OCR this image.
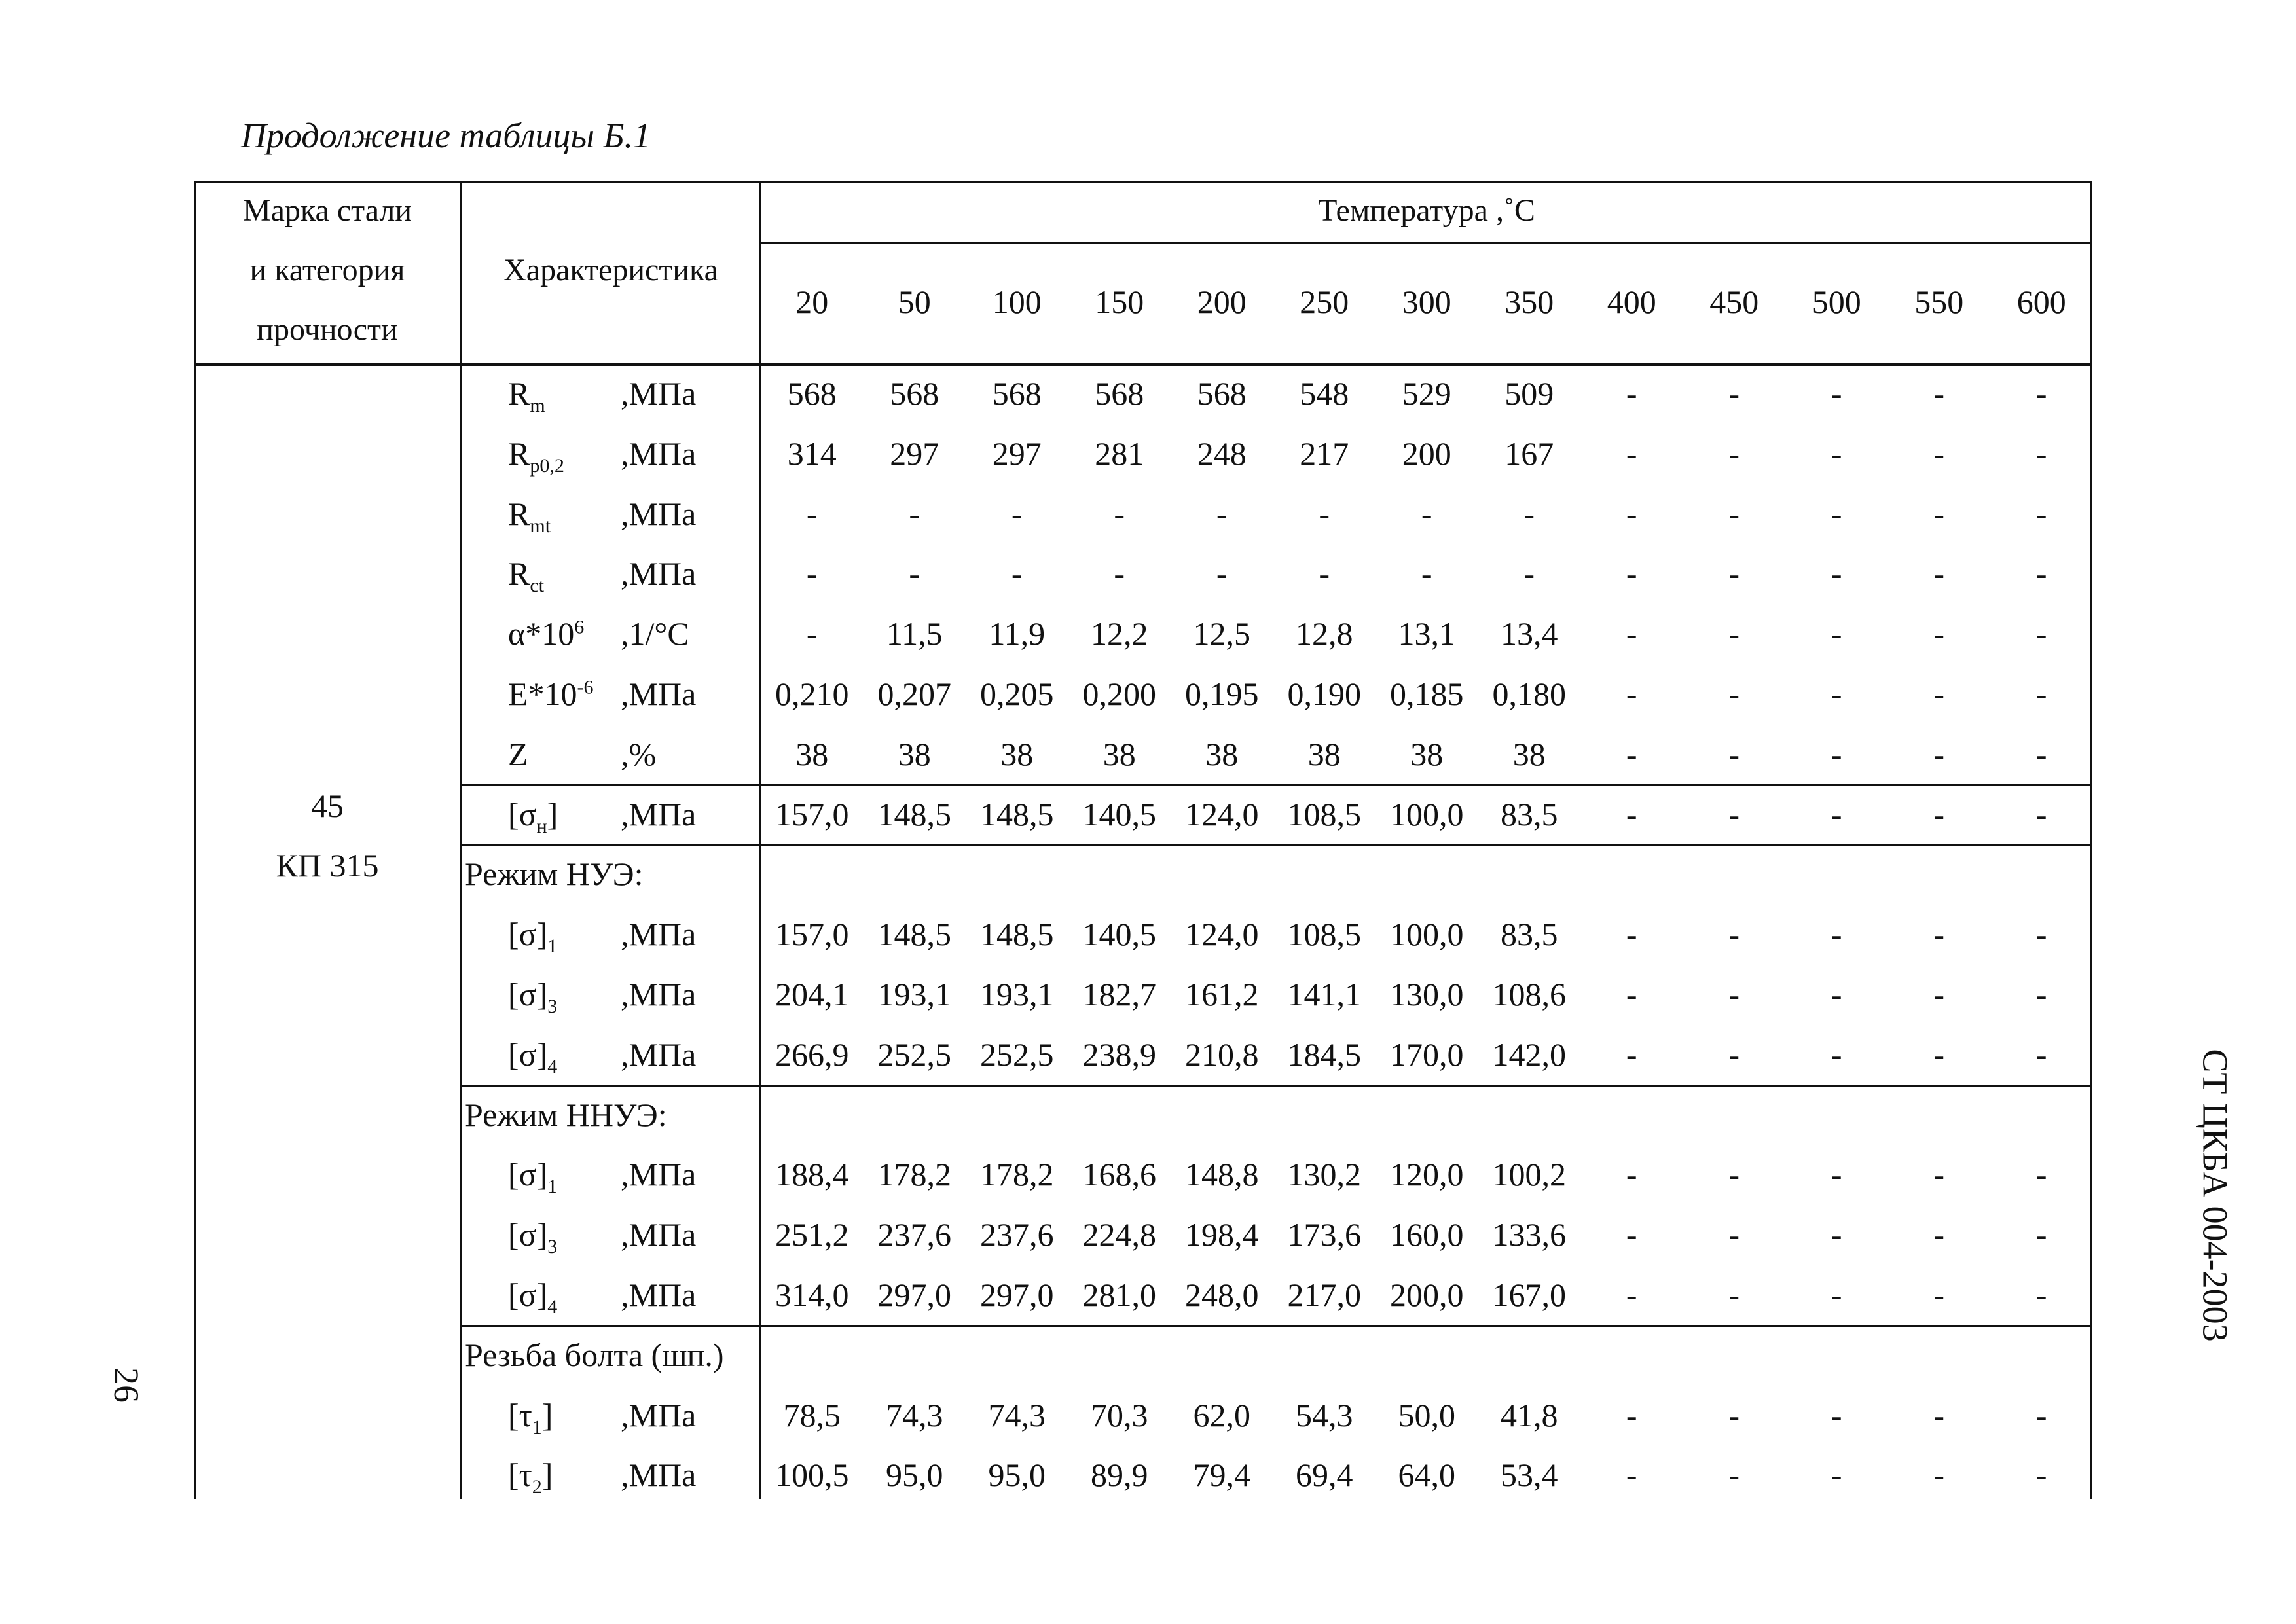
Продолжение таблицы Б.1
Марка стали
и категория
прочности
Характеристика
Температура ,˚С
20	50	100	150	200	250	300	350	400	450	500	550	600
45
КП 315
$R_m$ ,МПа	568	568	568	568	568	548	529	509	-	-	-	-	-
$R_{p0,2}$ ,МПа	314	297	297	281	248	217	200	167	-	-	-	-	-
$R_{mt}$ ,МПа	-	-	-	-	-	-	-	-	-	-	-	-	-
$R_{ct}$ ,МПа	-	-	-	-	-	-	-	-	-	-	-	-	-
$\alpha*10^6$ ,1/°C	-	11,5	11,9	12,2	12,5	12,8	13,1	13,4	-	-	-	-	-
$E*10^{-6}$ ,МПа	0,210 0,207 0,205 0,200 0,195 0,190 0,185 0,180	-	-	-	-	-
Z	,%	38	38	38	38	38	38	38	38	-	-	-	-	-
$[\sigma_н]$ ,МПа	157,0 148,5 148,5 140,5 124,0 108,5 100,0	83,5	-	-	-	-	-
Режим НУЭ:
$[\sigma]_1$ ,МПа	157,0 148,5 148,5 140,5 124,0 108,5 100,0	83,5	-	-	-	-	-
$[\sigma]_3$ ,МПа	204,1 193,1 193,1 182,7 161,2 141,1 130,0 108,6	-	-	-	-	-
$[\sigma]_4$ ,МПа	266,9 252,5 252,5 238,9 210,8 184,5 170,0 142,0	-	-	-	-	-
Режим ННУЭ:
$[\sigma]_1$ ,МПа	188,4 178,2 178,2 168,6 148,8 130,2 120,0 100,2	-	-	-	-	-
$[\sigma]_3$ ,МПа	251,2 237,6 237,6 224,8 198,4 173,6 160,0 133,6	-	-	-	-	-
$[\sigma]_4$ ,МПа	314,0 297,0 297,0 281,0 248,0 217,0 200,0 167,0	-	-	-	-	-
Резьба болта (шп.)
$[\tau_1]$ ,МПа	78,5	74,3	74,3	70,3	62,0	54,3	50,0	41,8	-	-	-	-	-
$[\tau_2]$ ,МПа	100,5	95,0	95,0	89,9	79,4	69,4	64,0	53,4	-	-	-	-	-
26
СТ ЦКБА 004-2003
